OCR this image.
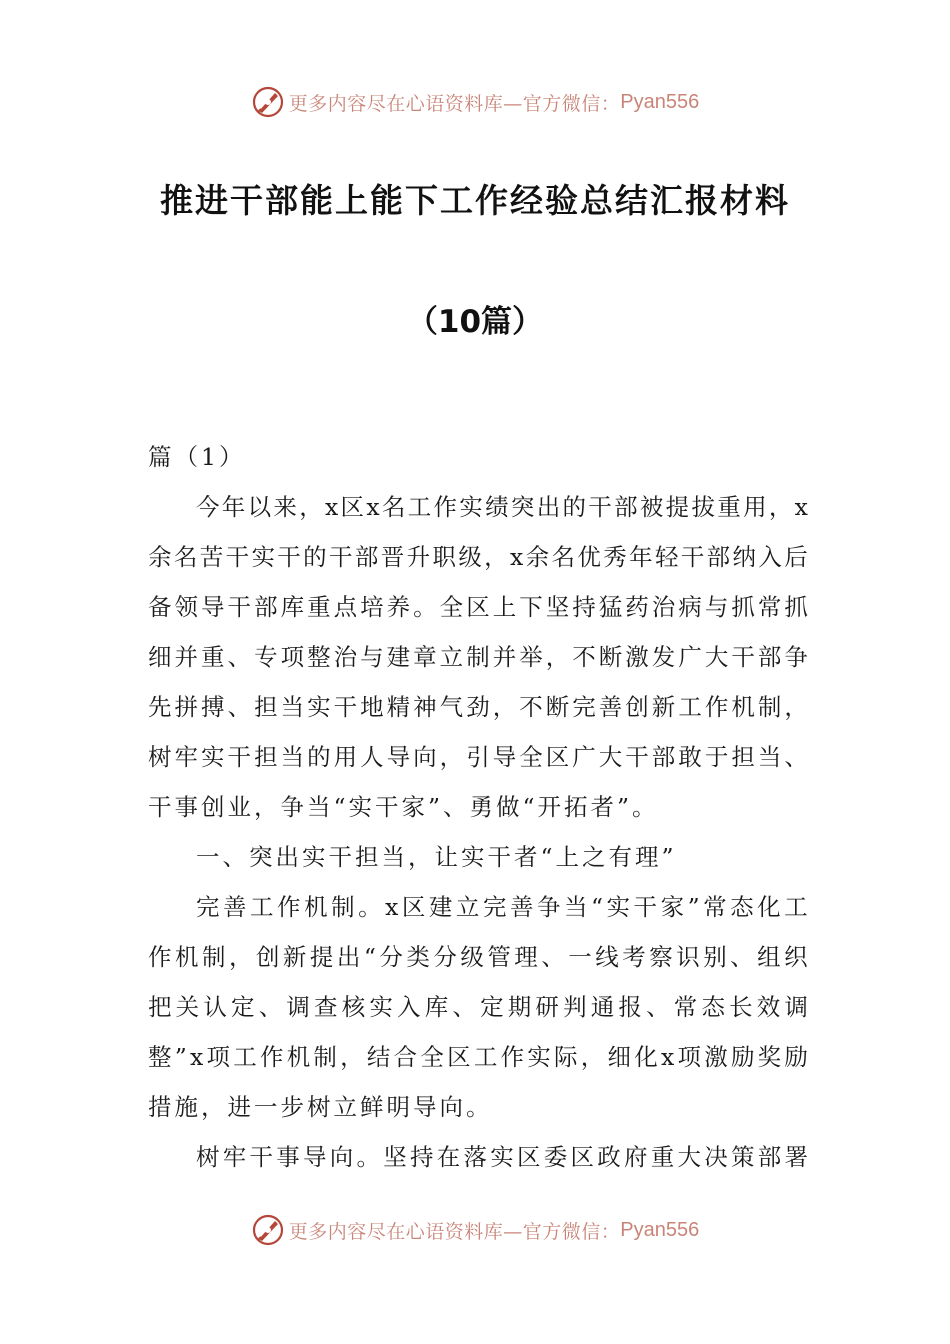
更多内容尽在心语资料库—官方微信： Pyan556
推进干部能上能下工作经验总结汇报材料
（10篇）
篇（1）
今 年 以 来 ， x 区 x 名 工 作 实 绩 突 出 的 干 部 被 提 拔 重 用 ， x
余 名 苦 干 实 干 的 干 部 晋 升 职 级 ， x 余 名 优 秀 年 轻 干 部 纳 入 后
备 领 导 干 部 库 重 点 培 养 。 全 区 上 下 坚 持 猛 药 治 病 与 抓 常 抓
细 并 重 、 专 项 整 治 与 建 章 立 制 并 举 ， 不 断 激 发 广 大 干 部 争
先 拼 搏 、 担 当 实 干 地 精 神 气 劲 ， 不 断 完 善 创 新 工 作 机 制 ，
树 牢 实 干 担 当 的 用 人 导 向 ， 引 导 全 区 广 大 干 部 敢 于 担 当 、
干事创业，争当“实干家”、勇做“开拓者”。
一、突出实干担当，让实干者“上之有理”
完 善 工 作 机 制 。 x 区 建 立 完 善 争 当 “ 实 干 家 ” 常 态 化 工
作 机 制 ， 创 新 提 出 “ 分 类 分 级 管 理 、 一 线 考 察 识 别 、 组 织
把 关 认 定 、 调 查 核 实 入 库 、 定 期 研 判 通 报 、 常 态 长 效 调
整 ” x 项 工 作 机 制 ， 结 合 全 区 工 作 实 际 ， 细 化 x 项 激 励 奖 励
措施，进一步树立鲜明导向。
树 牢 干 事 导 向 。 坚 持 在 落 实 区 委 区 政 府 重 大 决 策 部 署
更多内容尽在心语资料库—官方微信： Pyan556
